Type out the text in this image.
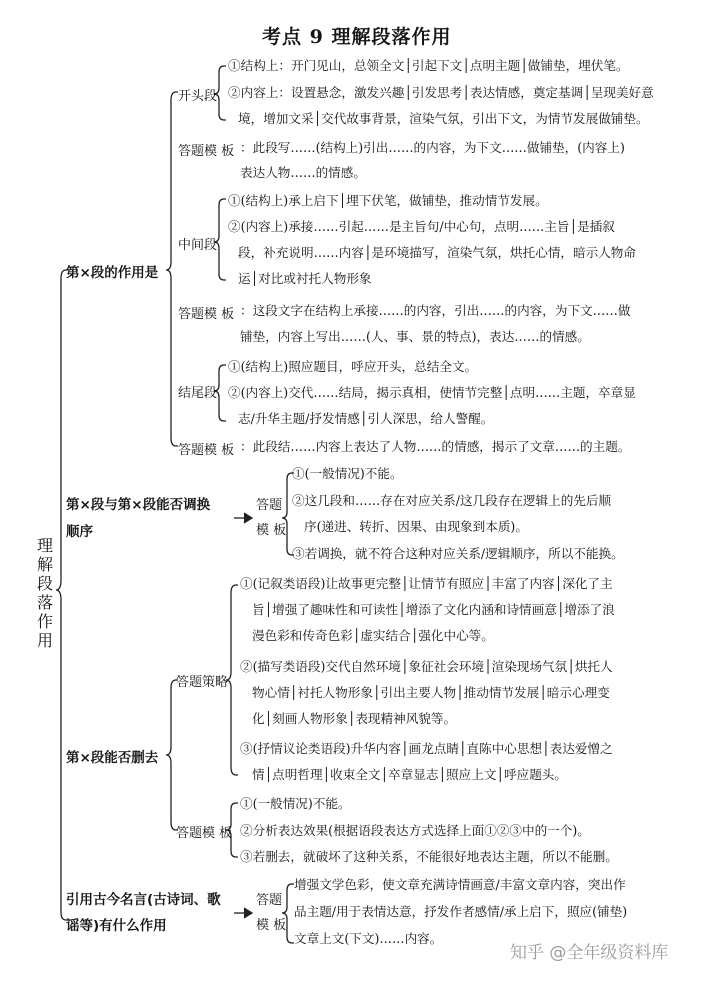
考点 9 理解段落作用
理解段落作用
第×段的作用是
开头段
①结构上：开门见山，总领全文│引起下文│点明主题│做铺垫，埋伏笔。
②内容上：设置悬念，激发兴趣│引发思考│表达情感，奠定基调│呈现美好意
境，增加文采│交代故事背景，渲染气氛，引出下文，为情节发展做铺垫。
答题模 板 ：此段写……(结构上)引出……的内容，为下文……做铺垫，(内容上)
表达人物……的情感。
中间段
①(结构上)承上启下│埋下伏笔，做铺垫，推动情节发展。
②(内容上)承接……引起……是主旨句/中心句，点明……主旨│是插叙
段，补充说明……内容│是环境描写，渲染气氛，烘托心情，暗示人物命
运│对比或衬托人物形象
答题模 板 ：这段文字在结构上承接……的内容，引出……的内容，为下文……做
铺垫，内容上写出……(人、事、景的特点)，表达……的情感。
结尾段
①(结构上)照应题目，呼应开头，总结全文。
②(内容上)交代……结局，揭示真相，使情节完整│点明……主题，卒章显
志/升华主题/抒发情感│引人深思，给人警醒。
答题模 板 ：此段结……内容上表达了人物……的情感，揭示了文章……的主题。
第×段与第×段能否调换
顺序
答题
模 板
①(一般情况)不能。
②这几段和……存在对应关系/这几段存在逻辑上的先后顺
序(递进、转折、因果、由现象到本质)。
③若调换，就不符合这种对应关系/逻辑顺序，所以不能换。
第×段能否删去
答题策略
①(记叙类语段)让故事更完整│让情节有照应│丰富了内容│深化了主
旨│增强了趣味性和可读性│增添了文化内涵和诗情画意│增添了浪
漫色彩和传奇色彩│虚实结合│强化中心等。
②(描写类语段)交代自然环境│象征社会环境│渲染现场气氛│烘托人
物心情│衬托人物形象│引出主要人物│推动情节发展│暗示心理变
化│刻画人物形象│表现精神风貌等。
③(抒情议论类语段)升华内容│画龙点睛│直陈中心思想│表达爱憎之
情│点明哲理│收束全文│卒章显志│照应上文│呼应题头。
答题模 板
①(一般情况)不能。
②分析表达效果(根据语段表达方式选择上面①②③中的一个)。
③若删去，就破坏了这种关系，不能很好地表达主题，所以不能删。
引用古今名言(古诗词、歌
谣等)有什么作用
答题
模 板
增强文学色彩，使文章充满诗情画意/丰富文章内容，突出作
品主题/用于表情达意，抒发作者感情/承上启下，照应(铺垫)
文章上文(下文)……内容。
知乎 @全年级资料库
